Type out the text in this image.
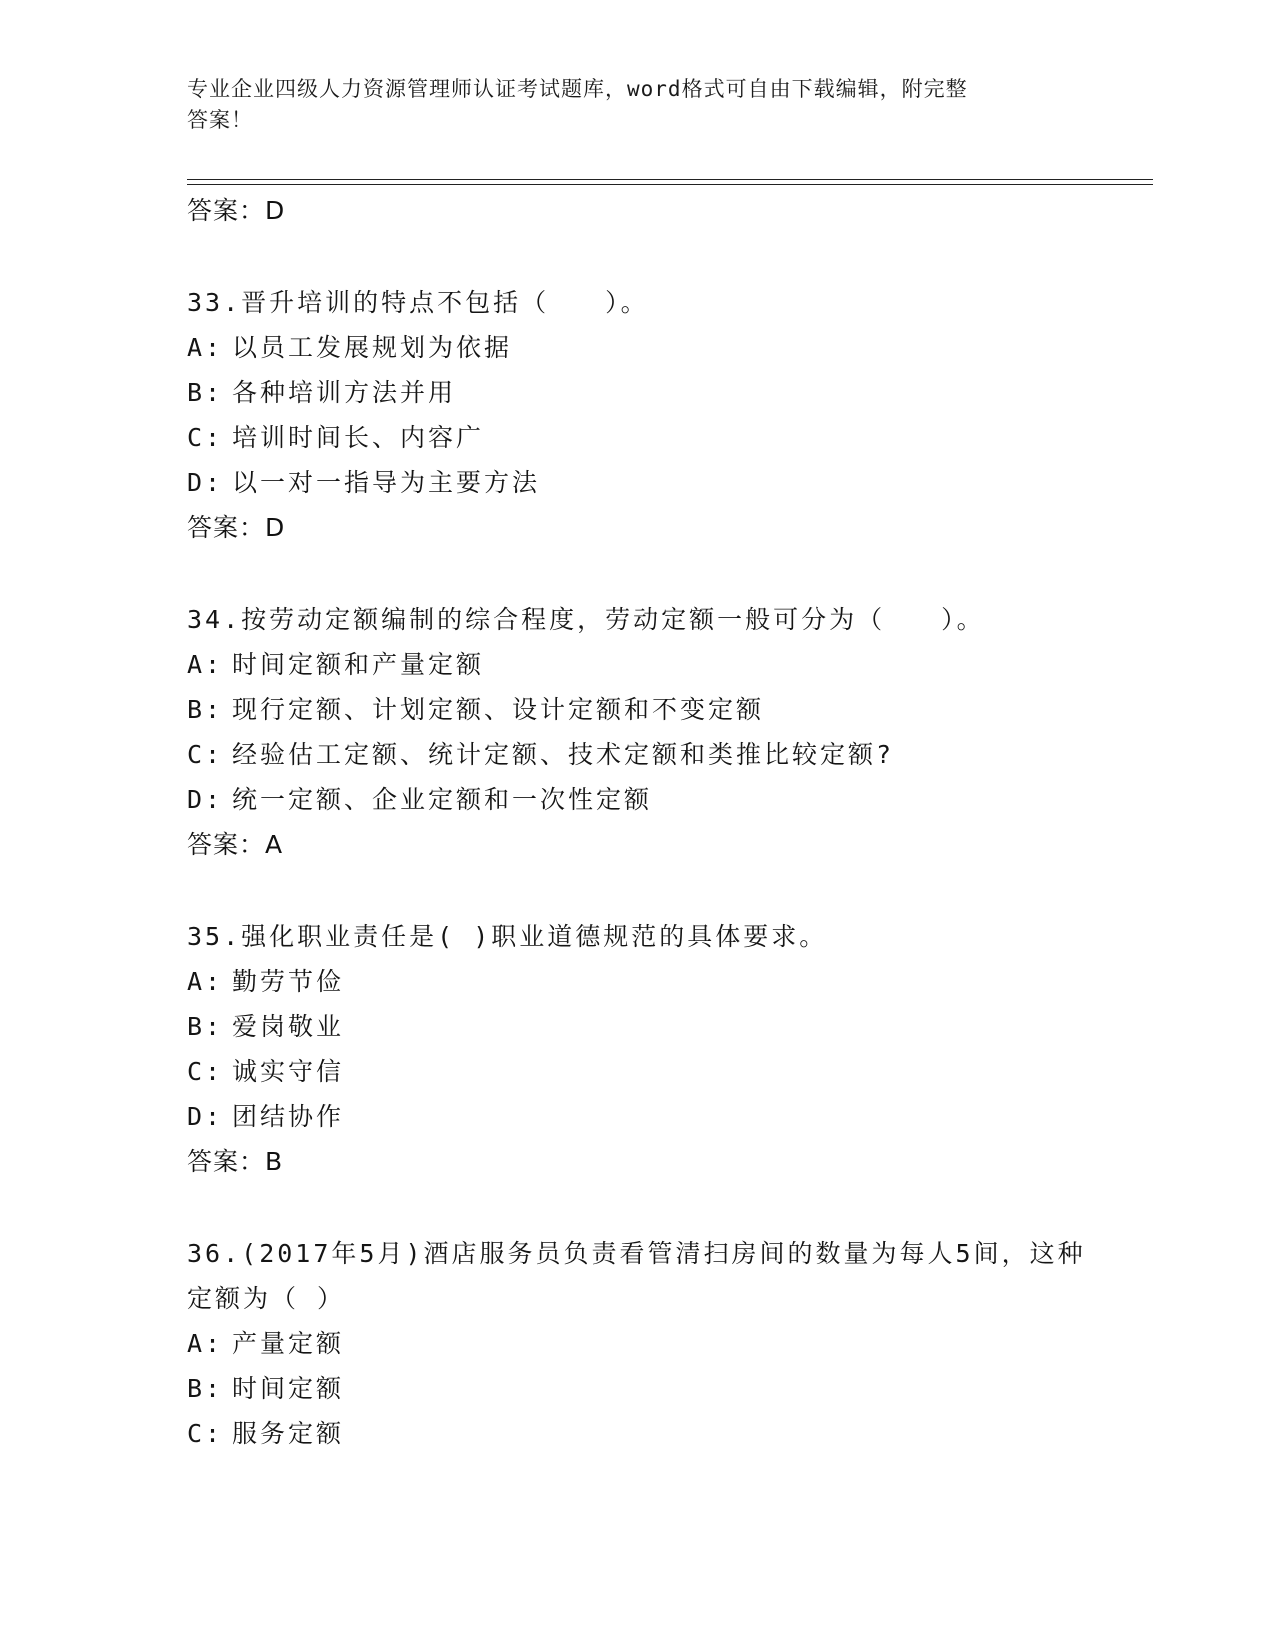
专业企业四级人力资源管理师认证考试题库，word格式可自由下载编辑，附完整
答案！
答案：D
33.晋升培训的特点不包括（　　）。
A: 以员工发展规划为依据
B: 各种培训方法并用
C: 培训时间长、内容广
D: 以一对一指导为主要方法
答案：D
34.按劳动定额编制的综合程度，劳动定额一般可分为（　　）。
A: 时间定额和产量定额
B: 现行定额、计划定额、设计定额和不变定额
C: 经验估工定额、统计定额、技术定额和类推比较定额?
D: 统一定额、企业定额和一次性定额
答案：A
35.强化职业责任是( )职业道德规范的具体要求。
A: 勤劳节俭
B: 爱岗敬业
C: 诚实守信
D: 团结协作
答案：B
36.(2017年5月)酒店服务员负责看管清扫房间的数量为每人5间，这种定额为（ ）
A: 产量定额
B: 时间定额
C: 服务定额
